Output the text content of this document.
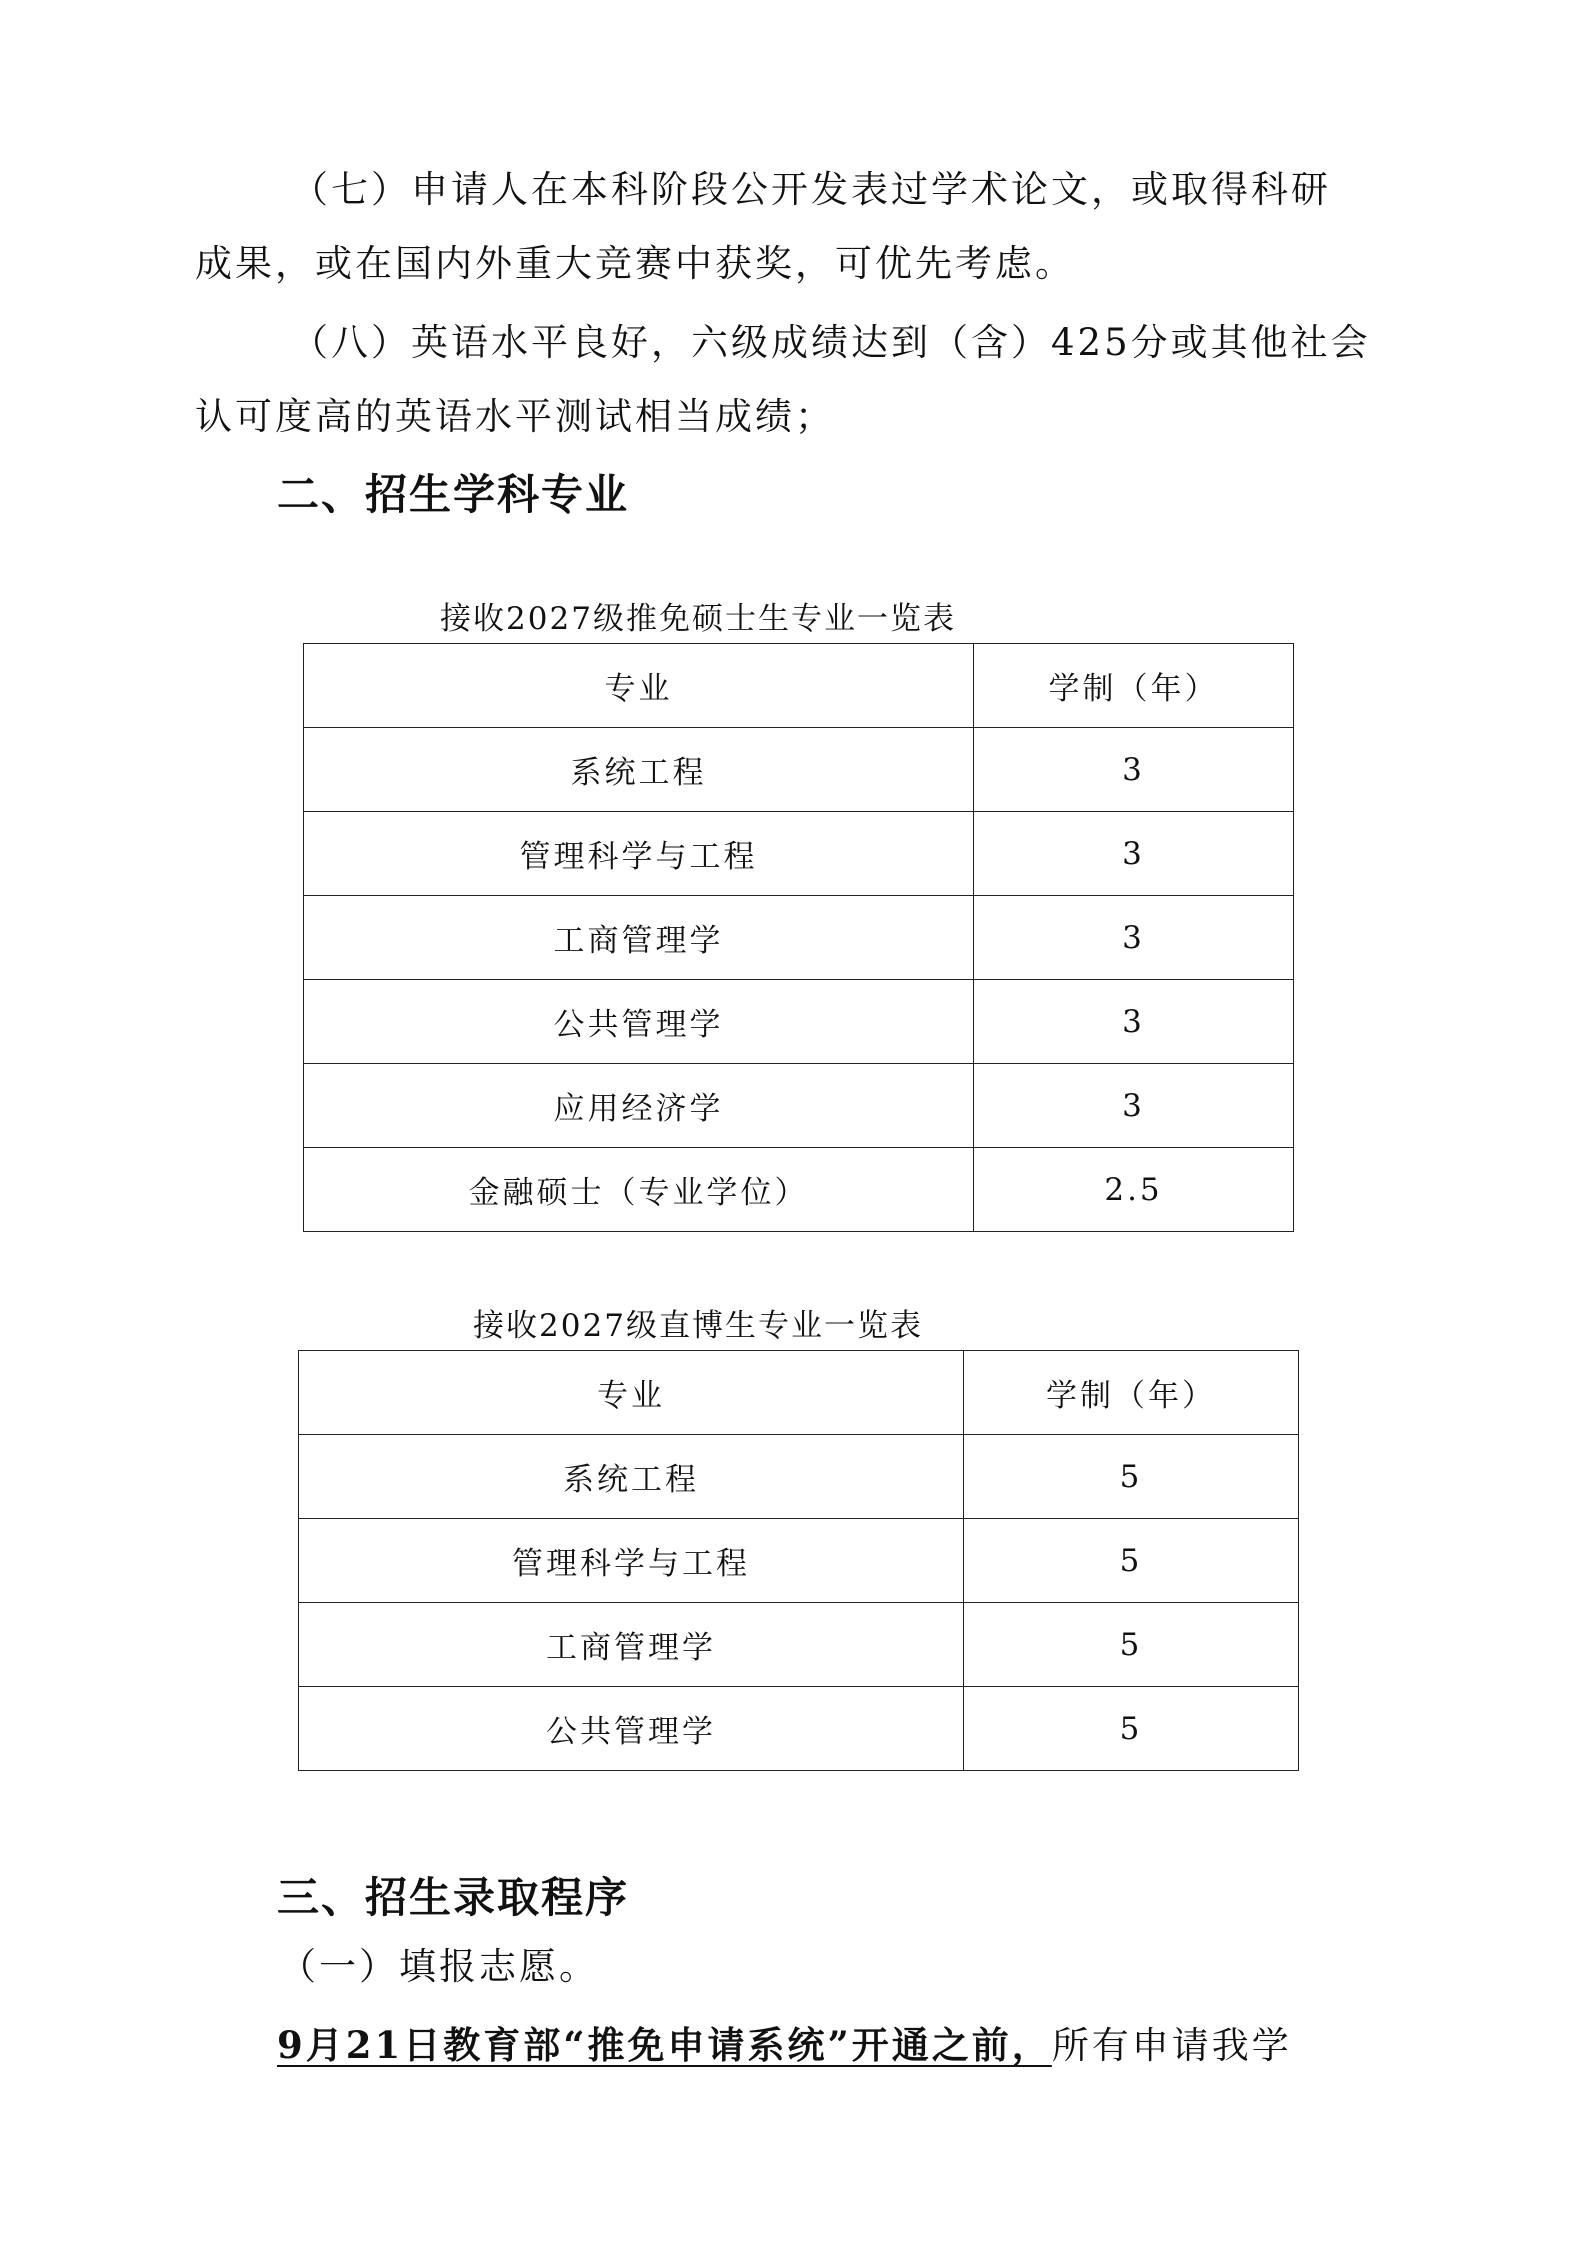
（七）申请人在本科阶段公开发表过学术论文，或取得科研
成果，或在国内外重大竞赛中获奖，可优先考虑。
（八）英语水平良好，六级成绩达到（含）425分或其他社会
认可度高的英语水平测试相当成绩；
二、招生学科专业
接收2027级推免硕士生专业一览表
专业	学制（年）
系统工程	3
管理科学与工程	3
工商管理学	3
公共管理学	3
应用经济学	3
金融硕士（专业学位）	2.5
接收2027级直博生专业一览表
专业	学制（年）
系统工程	5
管理科学与工程	5
工商管理学	5
公共管理学	5
三、招生录取程序
（一）填报志愿。
9月21日教育部“推免申请系统”开通之前，所有申请我学
